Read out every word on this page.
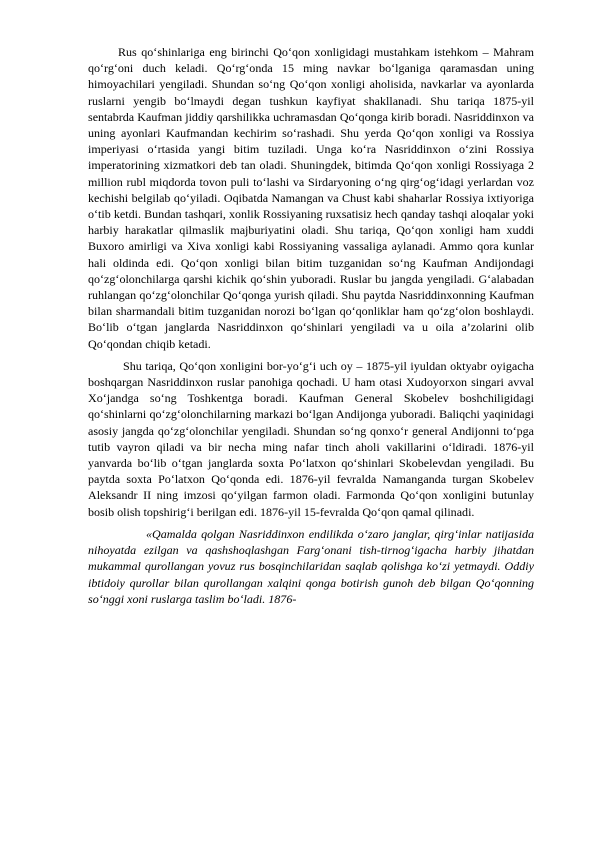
Rus qo‘shinlariga eng birinchi Qo‘qon xonligidagi mustahkam istehkom – Mahram qo‘rg‘oni duch keladi. Qo‘rg‘onda 15 ming navkar bo‘lganiga qaramasdan uning himoyachilari yengiladi. Shundan so‘ng Qo‘qon xonligi aholisida, navkarlar va ayonlarda ruslarni yengib bo‘lmaydi degan tushkun kayfiyat shakllanadi. Shu tariqa 1875-yil sentabrda Kaufman jiddiy qarshilikka uchramasdan Qo‘qonga kirib boradi. Nasriddinxon va uning ayonlari Kaufmandan kechirim so‘rashadi. Shu yerda Qo‘qon xonligi va Rossiya imperiyasi o‘rtasida yangi bitim tuziladi. Unga ko‘ra Nasriddinxon o‘zini Rossiya imperatorining xizmatkori deb tan oladi. Shuningdek, bitimda Qo‘qon xonligi Rossiyaga 2 million rubl miqdorda tovon puli to‘lashi va Sirdaryoning o‘ng qirg‘og‘idagi yerlardan voz kechishi belgilab qo‘yiladi. Oqibatda Namangan va Chust kabi shaharlar Rossiya ixtiyoriga o‘tib ketdi. Bundan tashqari, xonlik Rossiyaning ruxsatisiz hech qanday tashqi aloqalar yoki harbiy harakatlar qilmaslik majburiyatini oladi. Shu tariqa, Qo‘qon xonligi ham xuddi Buxoro amirligi va Xiva xonligi kabi Rossiyaning vassaliga aylanadi. Ammo qora kunlar hali oldinda edi. Qo‘qon xonligi bilan bitim tuzganidan so‘ng Kaufman Andijondagi qo‘zg‘olonchilarga qarshi kichik qo‘shin yuboradi. Ruslar bu jangda yengiladi. G‘alabadan ruhlangan qo‘zg‘olonchilar Qo‘qonga yurish qiladi. Shu paytda Nasriddinxonning Kaufman bilan sharmandali bitim tuzganidan norozi bo‘lgan qo‘qonliklar ham qo‘zg‘olon boshlaydi. Bo‘lib o‘tgan janglarda Nasriddinxon qo‘shinlari yengiladi va u oila a’zolarini olib Qo‘qondan chiqib ketadi.

Shu tariqa, Qo‘qon xonligini bor-yo‘g‘i uch oy – 1875-yil iyuldan oktyabr oyigacha boshqargan Nasriddinxon ruslar panohiga qochadi. U ham otasi Xudoyorxon singari avval Xo‘jandga so‘ng Toshkentga boradi. Kaufman General Skobelev boshchiligidagi qo‘shinlarni qo‘zg‘olonchilarning markazi bo‘lgan Andijonga yuboradi. Baliqchi yaqinidagi asosiy jangda qo‘zg‘olonchilar yengiladi. Shundan so‘ng qonxo‘r general Andijonni to‘pga tutib vayron qiladi va bir necha ming nafar tinch aholi vakillarini o‘ldiradi. 1876-yil yanvarda bo‘lib o‘tgan janglarda soxta Po‘latxon qo‘shinlari Skobelevdan yengiladi. Bu paytda soxta Po‘latxon Qo‘qonda edi. 1876-yil fevralda Namanganda turgan Skobelev Aleksandr II ning imzosi qo‘yilgan farmon oladi. Farmonda Qo‘qon xonligini butunlay bosib olish topshirig‘i berilgan edi. 1876-yil 15-fevralda Qo‘qon qamal qilinadi.

«Qamalda qolgan Nasriddinxon endilikda o‘zaro janglar, qirg‘inlar natijasida nihoyatda ezilgan va qashshoqlashgan Farg‘onani tish-tirnog‘igacha harbiy jihatdan mukammal qurollangan yovuz rus bosqinchilaridan saqlab qolishga ko‘zi yetmaydi. Oddiy ibtidoiy qurollar bilan qurollangan xalqini qonga botirish gunoh deb bilgan Qo‘qonning so‘nggi xoni ruslarga taslim bo‘ladi. 1876-
